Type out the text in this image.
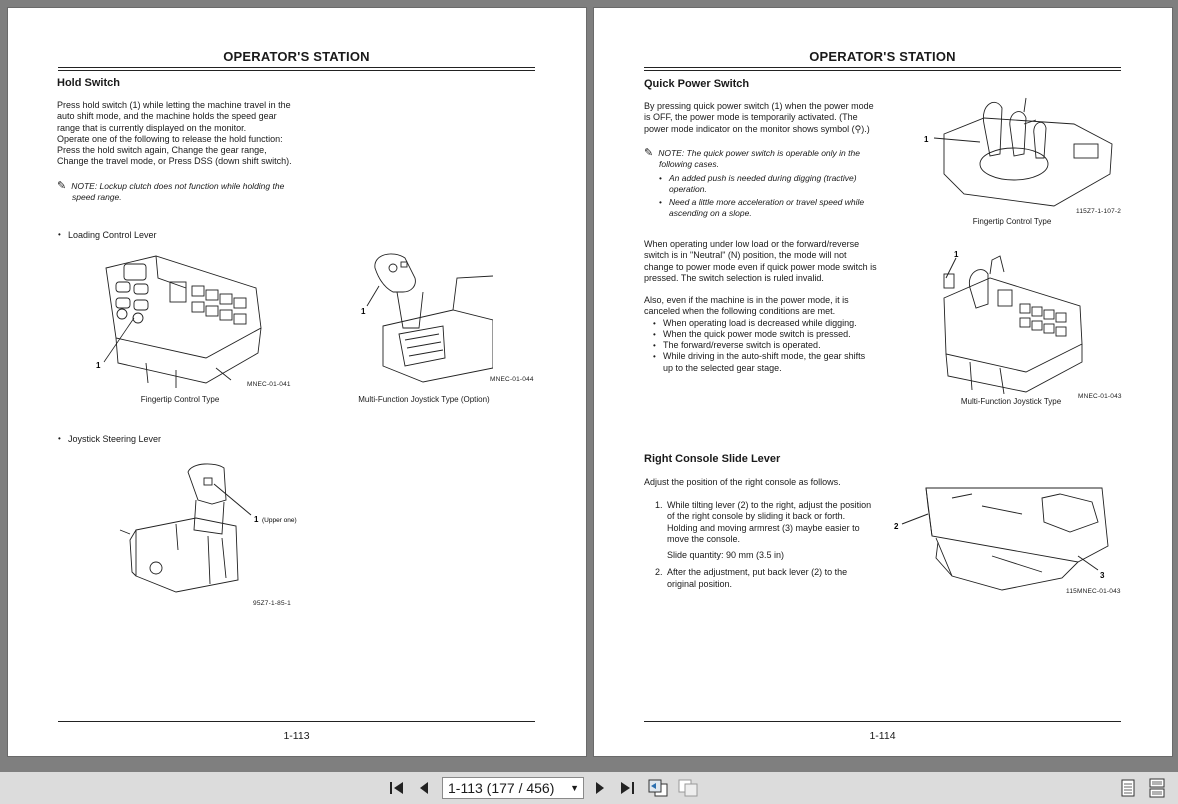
OPERATOR'S STATION
Hold Switch
Press hold switch (1) while letting the machine travel in the
auto shift mode, and the machine holds the speed gear
range that is currently displayed on the monitor.
Operate one of the following to release the hold function:
Press the hold switch again, Change the gear range,
Change the travel mode, or Press DSS (down shift switch).
✎ NOTE: Lockup clutch does not function while holding the
speed range.
• Loading Control Lever
1
MNEC-01-041
Fingertip Control Type
1
MNEC-01-044
Multi-Function Joystick Type (Option)
• Joystick Steering Lever
1 (Upper one)
95Z7-1-85-1
1-113
OPERATOR'S STATION
Quick Power Switch
By pressing quick power switch (1) when the power mode
is OFF, the power mode is temporarily activated. (The
power mode indicator on the monitor shows symbol (⚲).)
✎ NOTE: The quick power switch is operable only in the
following cases.
• An added push is needed during digging (tractive)
operation.
• Need a little more acceleration or travel speed while
ascending on a slope.
When operating under low load or the forward/reverse
switch is in "Neutral" (N) position, the mode will not
change to power mode even if quick power mode switch is
pressed. The switch selection is ruled invalid.
Also, even if the machine is in the power mode, it is
canceled when the following conditions are met.
• When operating load is decreased while digging.
• When the quick power mode switch is pressed.
• The forward/reverse switch is operated.
• While driving in the auto-shift mode, the gear shifts
up to the selected gear stage.
1
115Z7-1-107-2
Fingertip Control Type
1
MNEC-01-043
Multi-Function Joystick Type
Right Console Slide Lever
Adjust the position of the right console as follows.
1. While tilting lever (2) to the right, adjust the position
of the right console by sliding it back or forth.
Holding and moving armrest (3) maybe easier to
move the console.
Slide quantity: 90 mm (3.5 in)
2. After the adjustment, put back lever (2) to the
original position.
2
3
115MNEC-01-043
1-114
1-113 (177 / 456) ▼
